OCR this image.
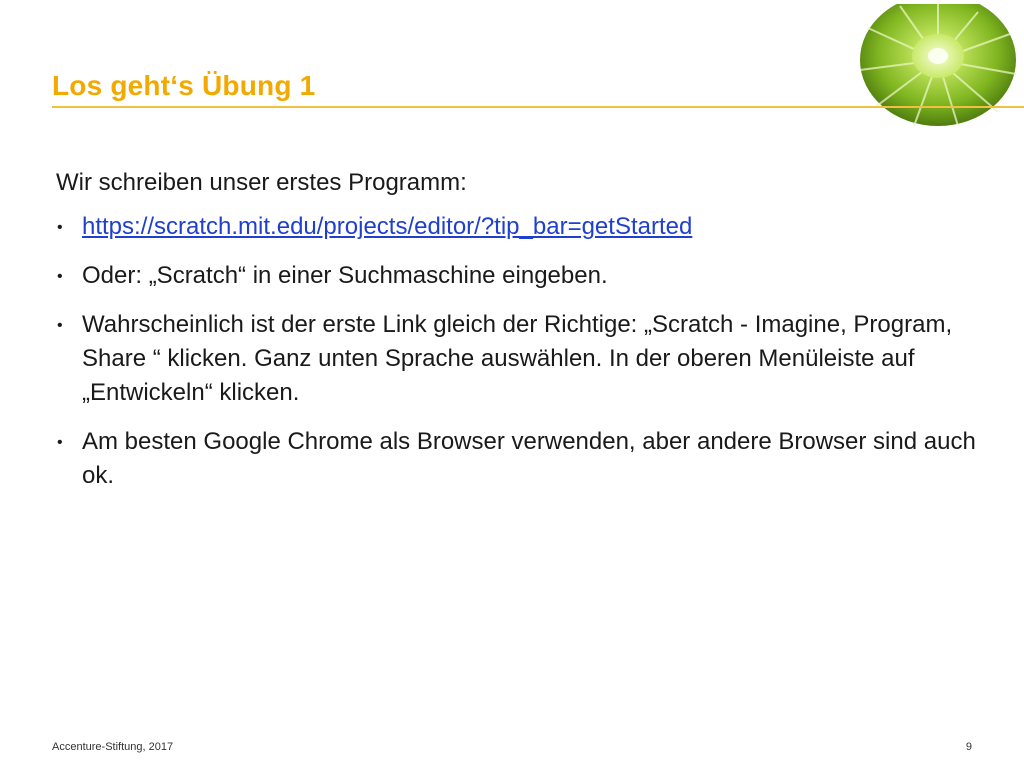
Los geht‘s Übung 1

Wir schreiben unser erstes Programm:

• https://scratch.mit.edu/projects/editor/?tip_bar=getStarted
• Oder: „Scratch“ in einer Suchmaschine eingeben.
• Wahrscheinlich ist der erste Link gleich der Richtige: „Scratch - Imagine, Program, Share “ klicken. Ganz unten Sprache auswählen. In der oberen Menüleiste auf „Entwickeln“ klicken.
• Am besten Google Chrome als Browser verwenden, aber andere Browser sind auch ok.
Accenture-Stiftung, 2017	9
